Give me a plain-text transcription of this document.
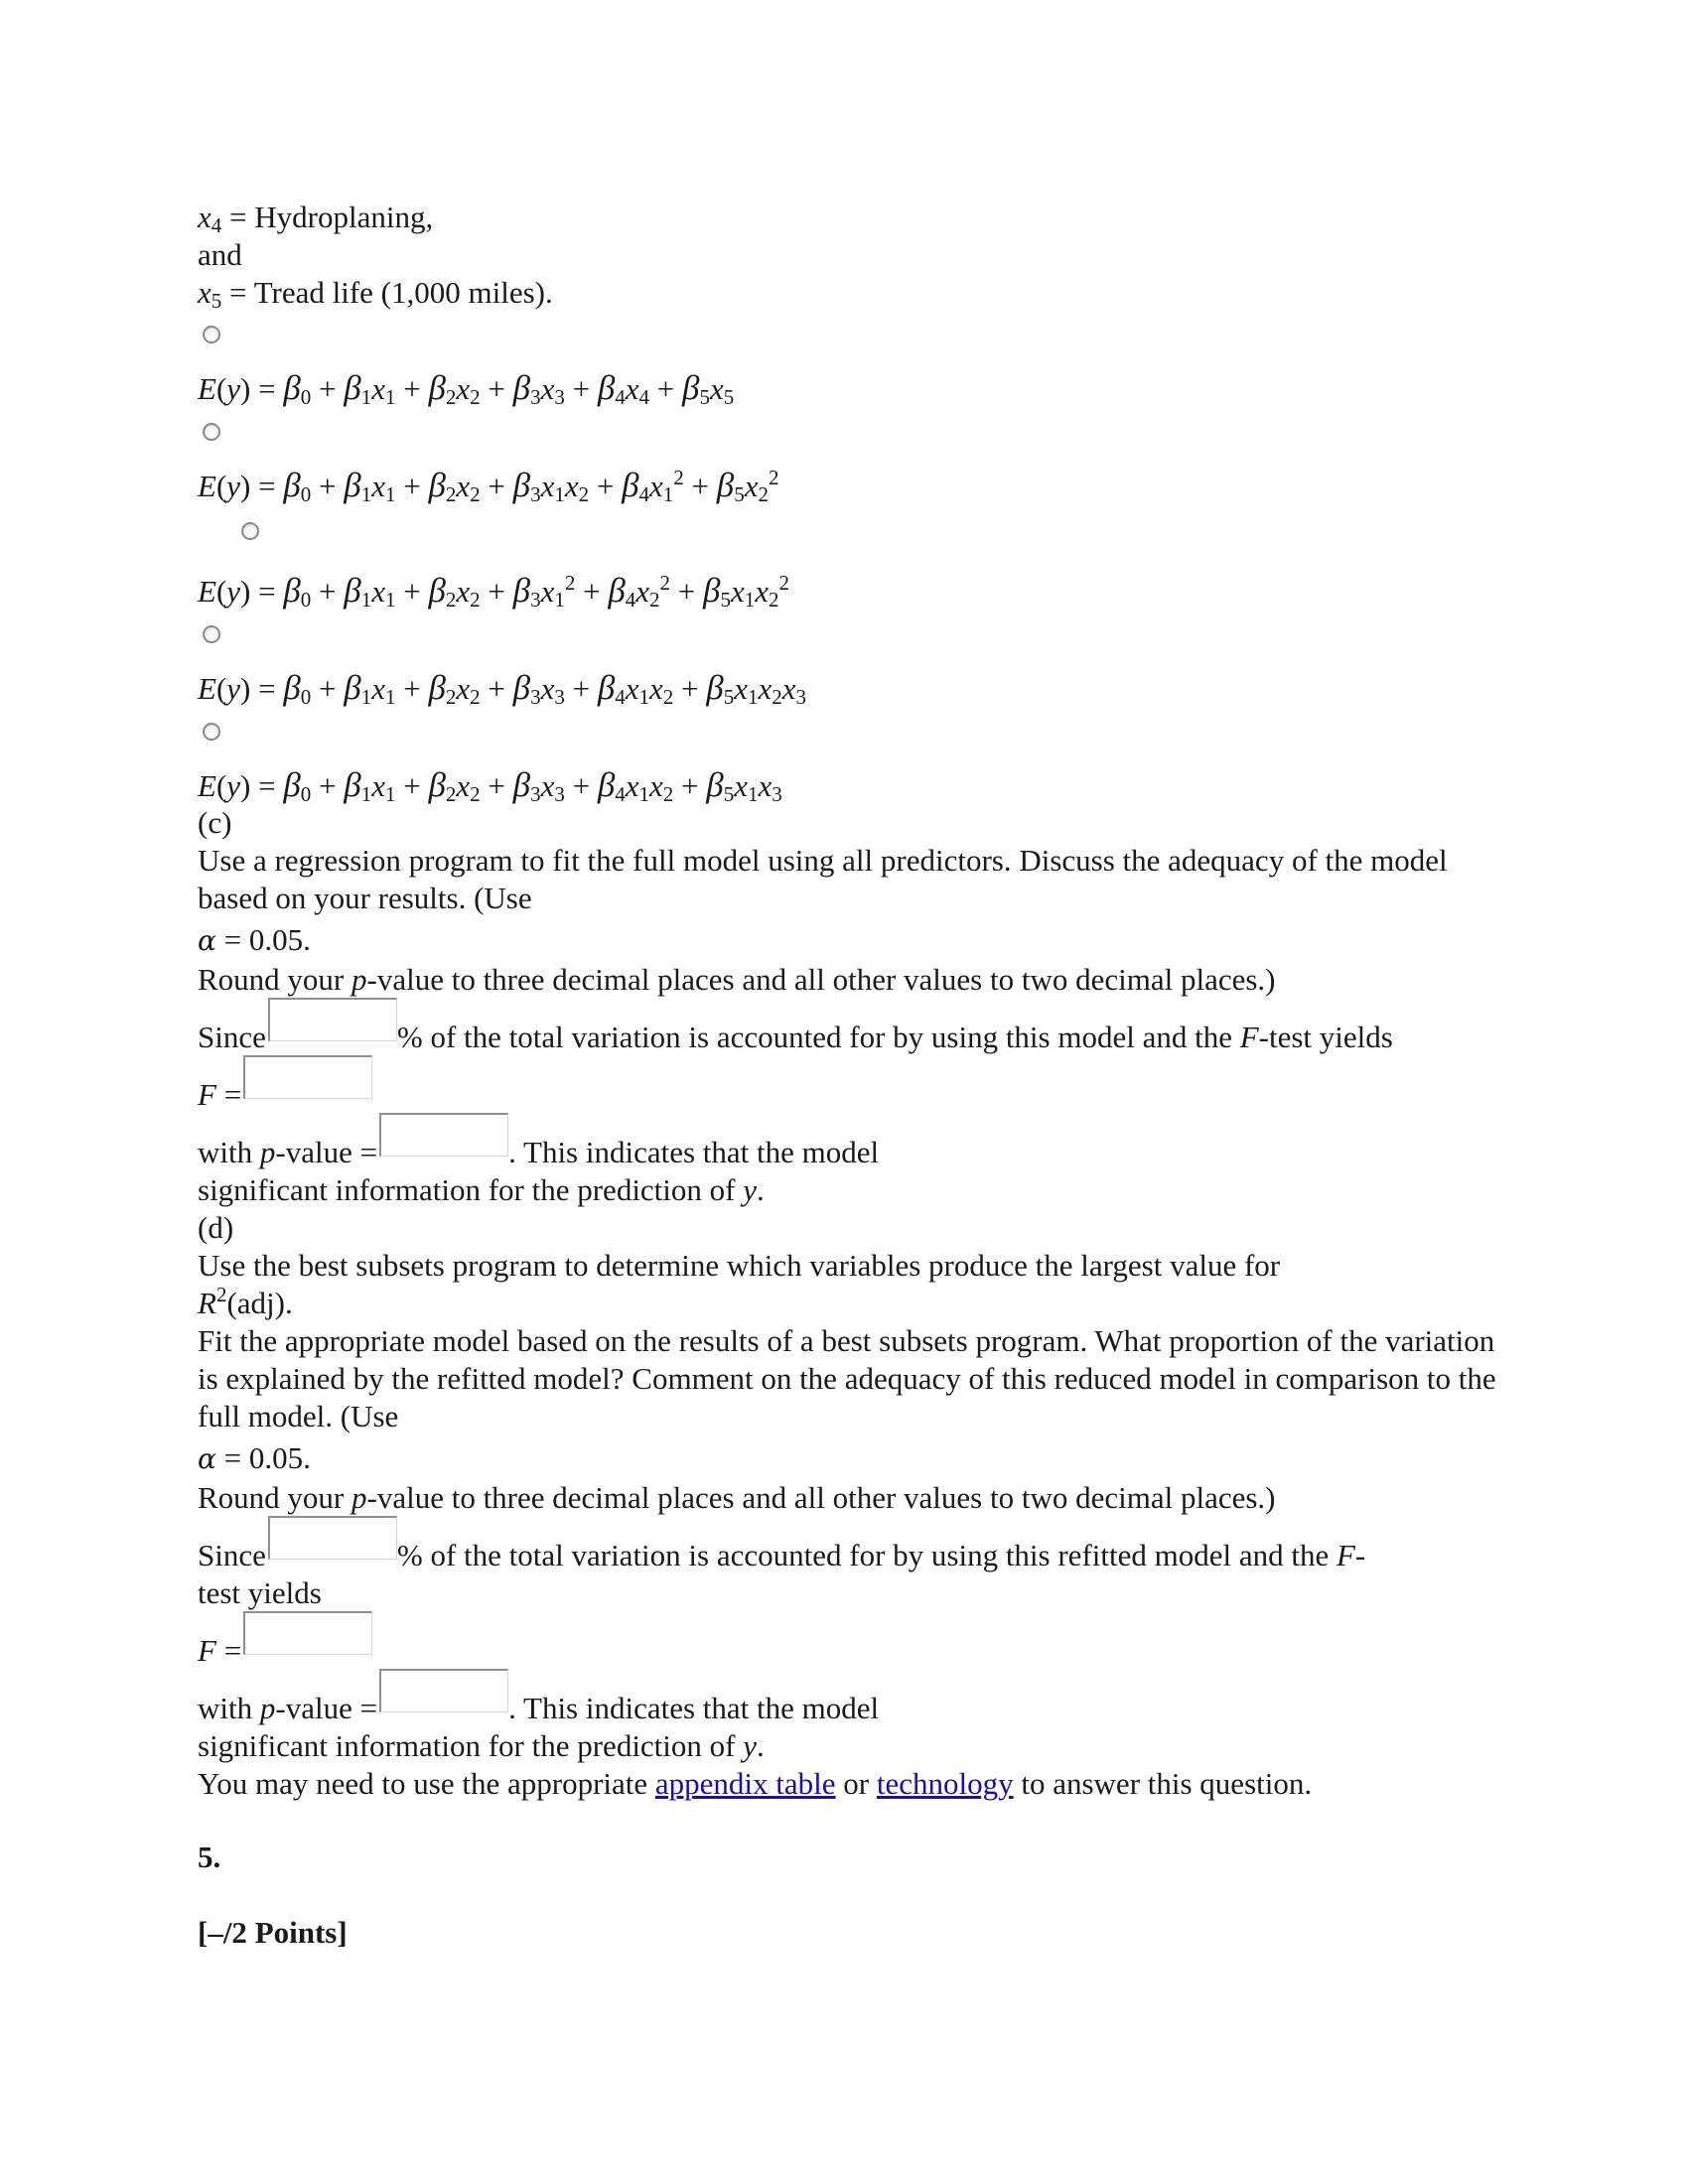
$x_4$ = Hydroplaning,
and
$x_5$ = Tread life (1,000 miles).
$E(y) = \beta_0 + \beta_1x_1 + \beta_2x_2 + \beta_3x_3 + \beta_4x_4 + \beta_5x_5$
$E(y) = \beta_0 + \beta_1x_1 + \beta_2x_2 + \beta_3x_1x_2 + \beta_4x_1^2 + \beta_5x_2^2$
$E(y) = \beta_0 + \beta_1x_1 + \beta_2x_2 + \beta_3x_1^2 + \beta_4x_2^2 + \beta_5x_1x_2^2$
$E(y) = \beta_0 + \beta_1x_1 + \beta_2x_2 + \beta_3x_3 + \beta_4x_1x_2 + \beta_5x_1x_2x_3$
$E(y) = \beta_0 + \beta_1x_1 + \beta_2x_2 + \beta_3x_3 + \beta_4x_1x_2 + \beta_5x_1x_3$
(c)
Use a regression program to fit the full model using all predictors. Discuss the adequacy of the model based on your results. (Use
α = 0.05.
Round your p-value to three decimal places and all other values to two decimal places.)
Since	% of the total variation is accounted for by using this model and the F-test yields
F =
with p-value =	. This indicates that the model
significant information for the prediction of y.
(d)
Use the best subsets program to determine which variables produce the largest value for
$R^2(adj)$.
Fit the appropriate model based on the results of a best subsets program. What proportion of the variation is explained by the refitted model? Comment on the adequacy of this reduced model in comparison to the full model. (Use
α = 0.05.
Round your p-value to three decimal places and all other values to two decimal places.)
Since	% of the total variation is accounted for by using this refitted model and the F-
test yields
F =
with p-value =	. This indicates that the model
significant information for the prediction of y.
You may need to use the appropriate appendix table or technology to answer this question.
5.
[–/2 Points]
